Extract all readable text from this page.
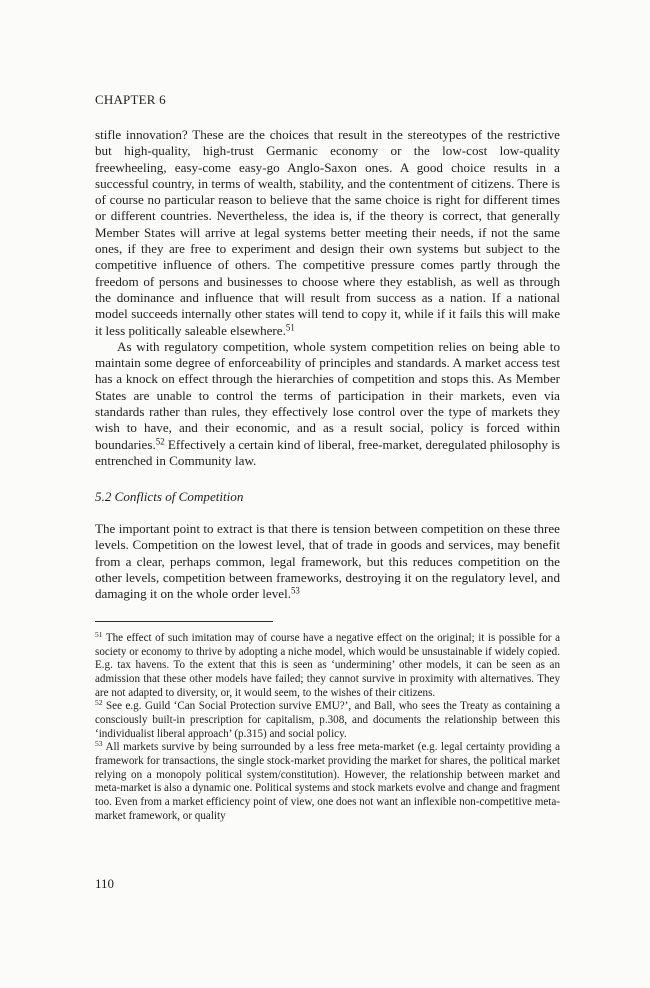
CHAPTER 6

stifle innovation? These are the choices that result in the stereotypes of the restrictive but high-quality, high-trust Germanic economy or the low-cost low-quality freewheeling, easy-come easy-go Anglo-Saxon ones. A good choice results in a successful country, in terms of wealth, stability, and the contentment of citizens. There is of course no particular reason to believe that the same choice is right for different times or different countries. Nevertheless, the idea is, if the theory is correct, that generally Member States will arrive at legal systems better meeting their needs, if not the same ones, if they are free to experiment and design their own systems but subject to the competitive influence of others. The competitive pressure comes partly through the freedom of persons and businesses to choose where they establish, as well as through the dominance and influence that will result from success as a nation. If a national model succeeds internally other states will tend to copy it, while if it fails this will make it less politically saleable elsewhere.$^{51}$

As with regulatory competition, whole system competition relies on being able to maintain some degree of enforceability of principles and standards. A market access test has a knock on effect through the hierarchies of competition and stops this. As Member States are unable to control the terms of participation in their markets, even via standards rather than rules, they effectively lose control over the type of markets they wish to have, and their economic, and as a result social, policy is forced within boundaries.$^{52}$ Effectively a certain kind of liberal, free-market, deregulated philosophy is entrenched in Community law.

5.2 Conflicts of Competition

The important point to extract is that there is tension between competition on these three levels. Competition on the lowest level, that of trade in goods and services, may benefit from a clear, perhaps common, legal framework, but this reduces competition on the other levels, competition between frameworks, destroying it on the regulatory level, and damaging it on the whole order level.$^{53}$

$^{51}$ The effect of such imitation may of course have a negative effect on the original; it is possible for a society or economy to thrive by adopting a niche model, which would be unsustainable if widely copied. E.g. tax havens. To the extent that this is seen as ‘undermining’ other models, it can be seen as an admission that these other models have failed; they cannot survive in proximity with alternatives. They are not adapted to diversity, or, it would seem, to the wishes of their citizens.

$^{52}$ See e.g. Guild ‘Can Social Protection survive EMU?’, and Ball, who sees the Treaty as containing a consciously built-in prescription for capitalism, p.308, and documents the relationship between this ‘individualist liberal approach’ (p.315) and social policy.

$^{53}$ All markets survive by being surrounded by a less free meta-market (e.g. legal certainty providing a framework for transactions, the single stock-market providing the market for shares, the political market relying on a monopoly political system/constitution). However, the relationship between market and meta-market is also a dynamic one. Political systems and stock markets evolve and change and fragment too. Even from a market efficiency point of view, one does not want an inflexible non-competitive meta-market framework, or quality

110
